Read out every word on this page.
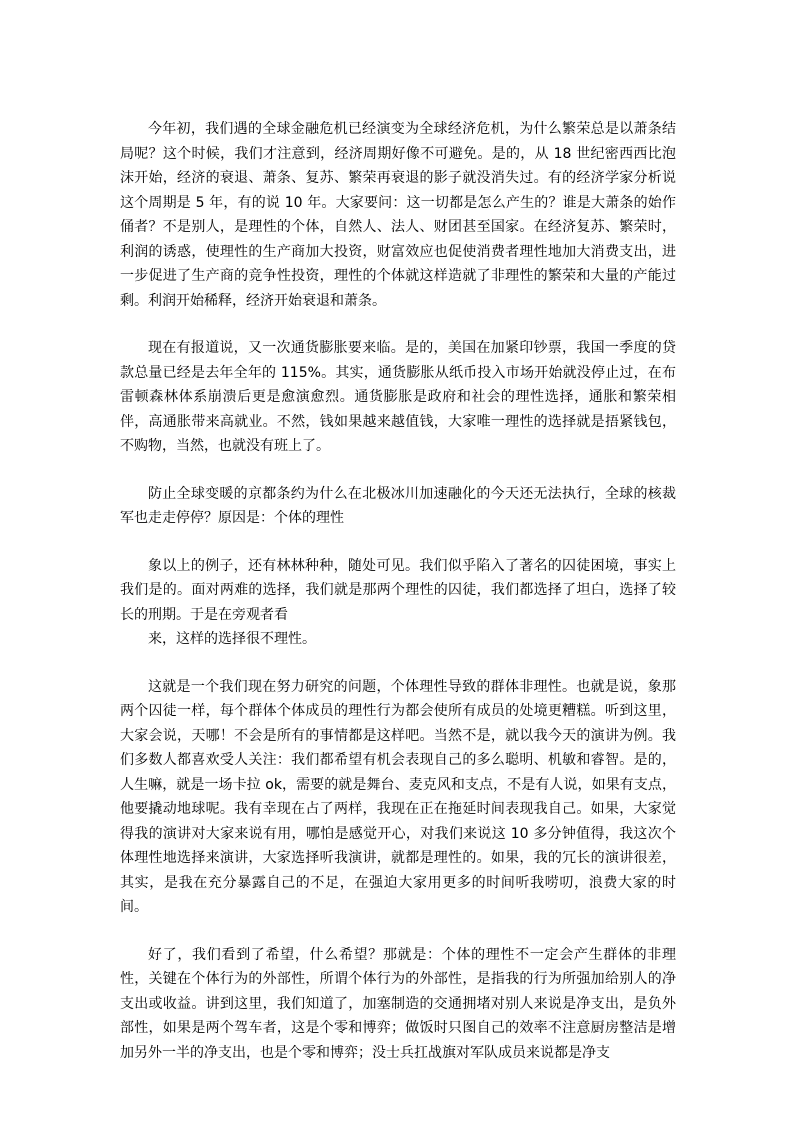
今年初，我们遇的全球金融危机已经演变为全球经济危机，为什么繁荣总是以萧条结局呢？这个时候，我们才注意到，经济周期好像不可避免。是的，从 18 世纪密西西比泡沫开始，经济的衰退、萧条、复苏、繁荣再衰退的影子就没消失过。有的经济学家分析说这个周期是 5 年，有的说 10 年。大家要问：这一切都是怎么产生的？谁是大萧条的始作俑者？不是别人，是理性的个体，自然人、法人、财团甚至国家。在经济复苏、繁荣时，利润的诱惑，使理性的生产商加大投资，财富效应也促使消费者理性地加大消费支出，进一步促进了生产商的竞争性投资，理性的个体就这样造就了非理性的繁荣和大量的产能过剩。利润开始稀释，经济开始衰退和萧条。

现在有报道说，又一次通货膨胀要来临。是的，美国在加紧印钞票，我国一季度的贷款总量已经是去年全年的 115%。其实，通货膨胀从纸币投入市场开始就没停止过，在布雷顿森林体系崩溃后更是愈演愈烈。通货膨胀是政府和社会的理性选择，通胀和繁荣相伴，高通胀带来高就业。不然，钱如果越来越值钱，大家唯一理性的选择就是捂紧钱包，不购物，当然，也就没有班上了。

防止全球变暖的京都条约为什么在北极冰川加速融化的今天还无法执行，全球的核裁军也走走停停？原因是：个体的理性

象以上的例子，还有林林种种，随处可见。我们似乎陷入了著名的囚徒困境，事实上我们是的。面对两难的选择，我们就是那两个理性的囚徒，我们都选择了坦白，选择了较长的刑期。于是在旁观者看

来，这样的选择很不理性。

这就是一个我们现在努力研究的问题，个体理性导致的群体非理性。也就是说，象那两个囚徒一样，每个群体个体成员的理性行为都会使所有成员的处境更糟糕。听到这里，大家会说，天哪！不会是所有的事情都是这样吧。当然不是，就以我今天的演讲为例。我们多数人都喜欢受人关注：我们都希望有机会表现自己的多么聪明、机敏和睿智。是的，人生嘛，就是一场卡拉 ok，需要的就是舞台、麦克风和支点，不是有人说，如果有支点，他要撬动地球呢。我有幸现在占了两样，我现在正在拖延时间表现我自己。如果，大家觉得我的演讲对大家来说有用，哪怕是感觉开心，对我们来说这 10 多分钟值得，我这次个体理性地选择来演讲，大家选择听我演讲，就都是理性的。如果，我的冗长的演讲很差，其实，是我在充分暴露自己的不足，在强迫大家用更多的时间听我唠叨，浪费大家的时间。

好了，我们看到了希望，什么希望？那就是：个体的理性不一定会产生群体的非理性，关键在个体行为的外部性，所谓个体行为的外部性，是指我的行为所强加给别人的净支出或收益。讲到这里，我们知道了，加塞制造的交通拥堵对别人来说是净支出，是负外部性，如果是两个驾车者，这是个零和博弈；做饭时只图自己的效率不注意厨房整洁是增加另外一半的净支出，也是个零和博弈；没士兵扛战旗对军队成员来说都是净支
